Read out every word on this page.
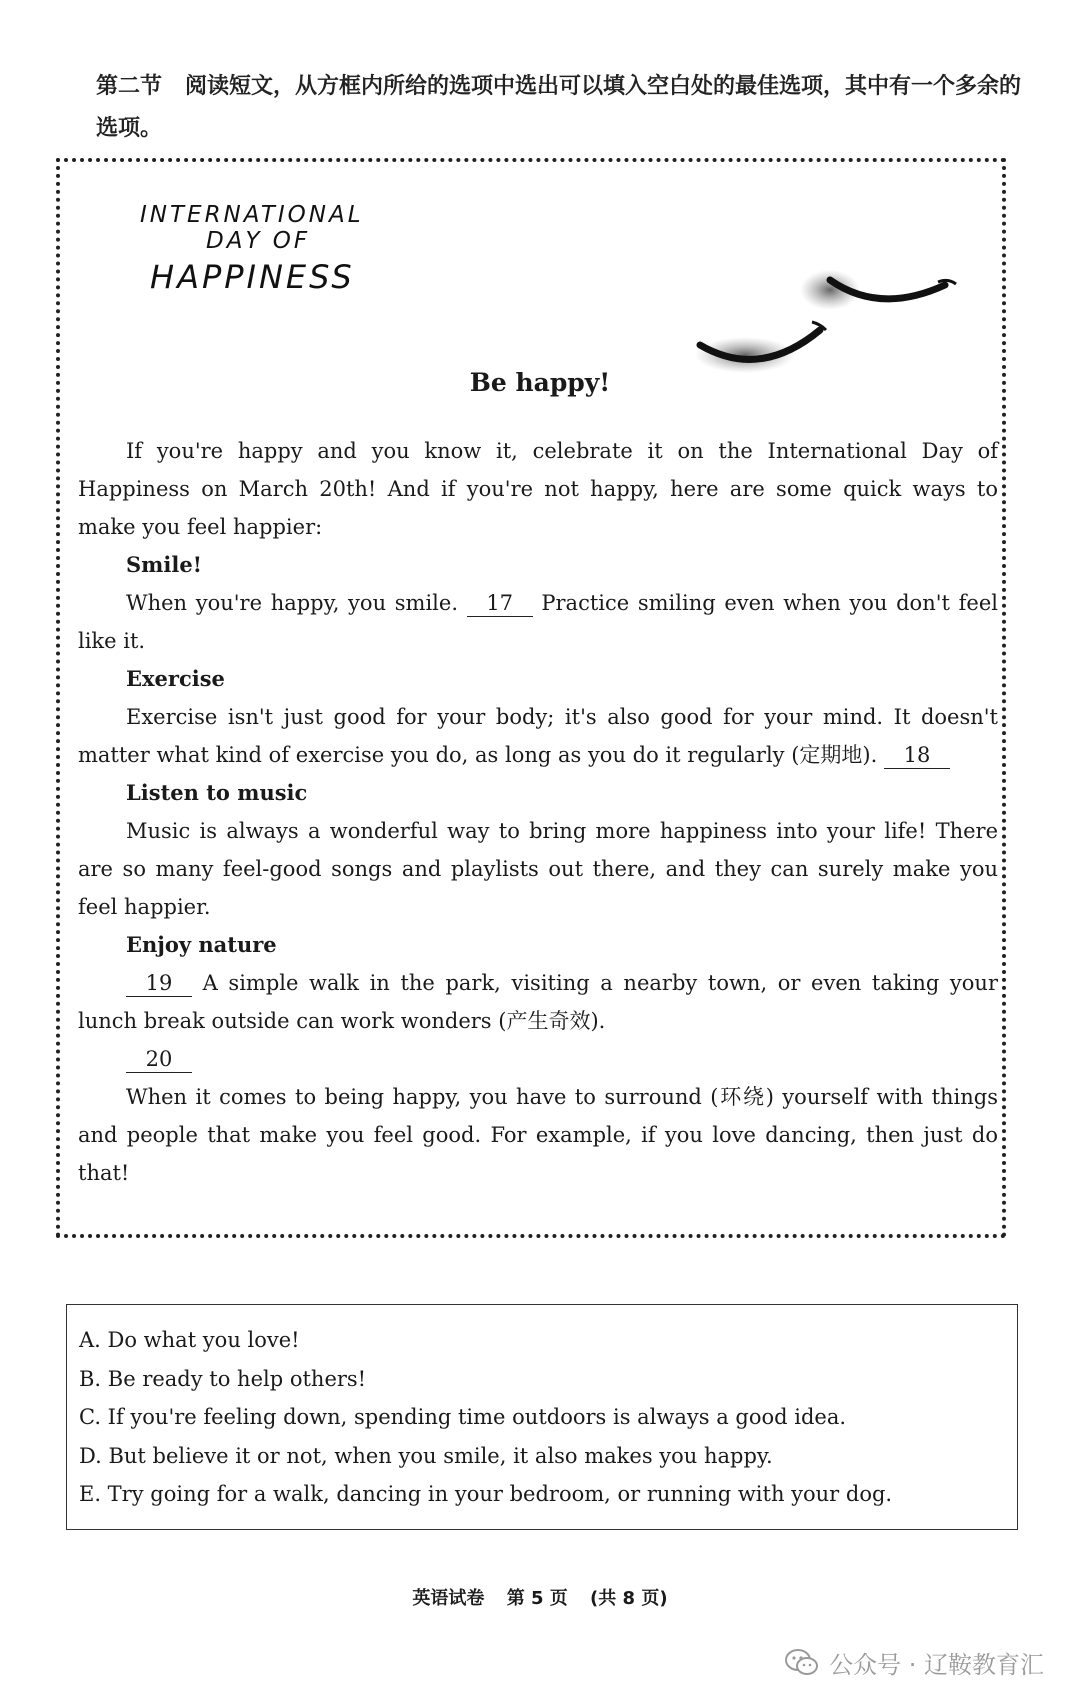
第二节 阅读短文，从方框内所给的选项中选出可以填入空白处的最佳选项，其中有一个多余的选项。
INTERNATIONAL
DAY OF
HAPPINESS
Be happy!

If you're happy and you know it, celebrate it on the International Day of Happiness on March 20th! And if you're not happy, here are some quick ways to make you feel happier:

Smile!

When you're happy, you smile. 17 Practice smiling even when you don't feel like it.

Exercise

Exercise isn't just good for your body; it's also good for your mind. It doesn't matter what kind of exercise you do, as long as you do it regularly (定期地). 18

Listen to music

Music is always a wonderful way to bring more happiness into your life! There are so many feel-good songs and playlists out there, and they can surely make you feel happier.

Enjoy nature

19 A simple walk in the park, visiting a nearby town, or even taking your lunch break outside can work wonders (产生奇效).

20

When it comes to being happy, you have to surround (环绕) yourself with things and people that make you feel good. For example, if you love dancing, then just do that!

A. Do what you love!
B. Be ready to help others!
C. If you're feeling down, spending time outdoors is always a good idea.
D. But believe it or not, when you smile, it also makes you happy.
E. Try going for a walk, dancing in your bedroom, or running with your dog.
英语试卷 第 5 页 (共 8 页)
公众号 · 辽鞍教育汇
